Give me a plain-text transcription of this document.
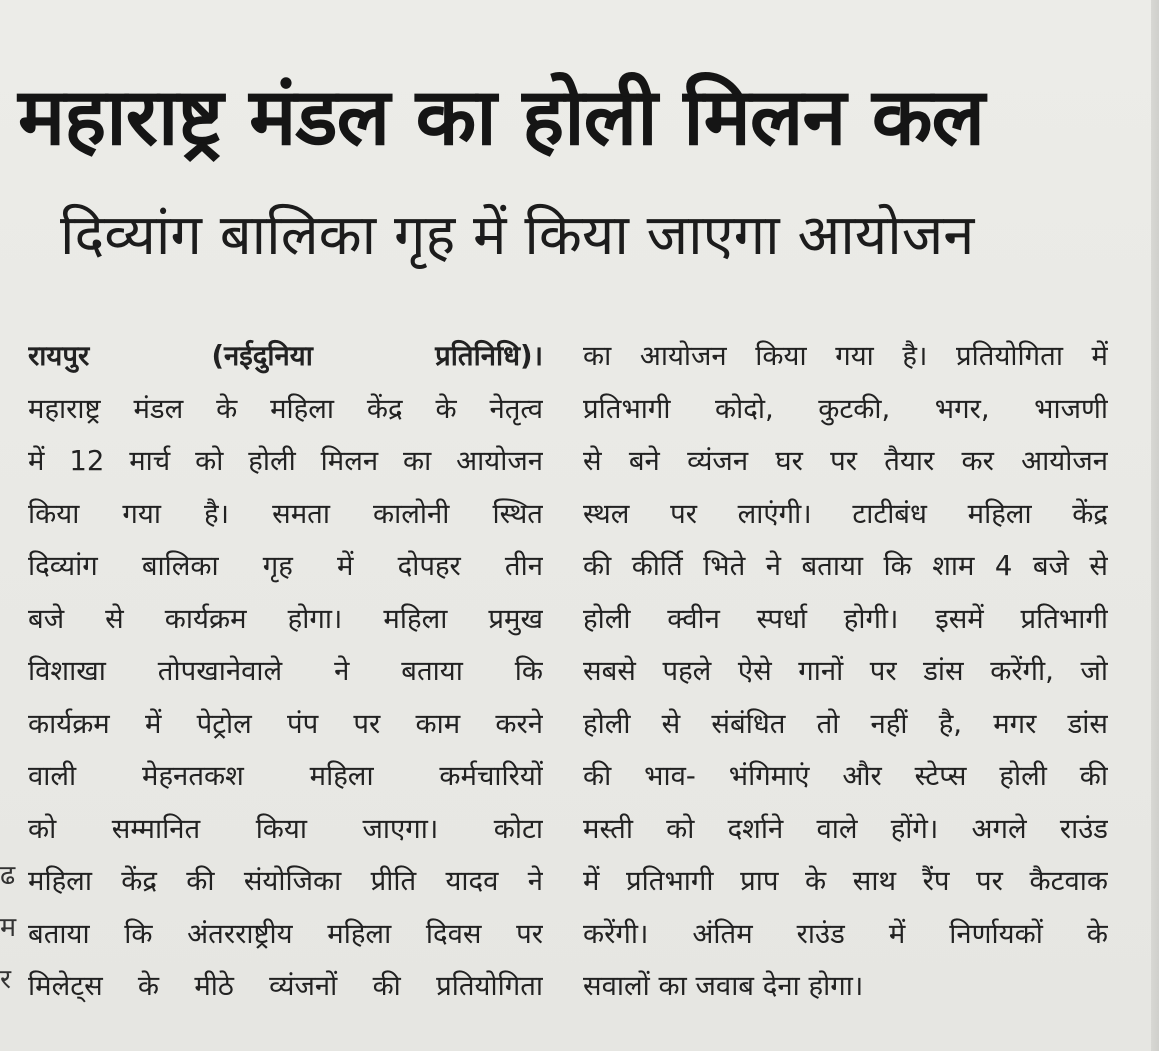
महाराष्ट्र मंडल का होली मिलन कल
दिव्यांग बालिका गृह में किया जाएगा आयोजन
रायपुर (नईदुनिया प्रतिनिधि)।
महाराष्ट्र मंडल के महिला केंद्र के नेतृत्व
में 12 मार्च को होली मिलन का आयोजन
किया गया है। समता कालोनी स्थित
दिव्यांग बालिका गृह में दोपहर तीन
बजे से कार्यक्रम होगा। महिला प्रमुख
विशाखा तोपखानेवाले ने बताया कि
कार्यक्रम में पेट्रोल पंप पर काम करने
वाली मेहनतकश महिला कर्मचारियों
को सम्मानित किया जाएगा। कोटा
महिला केंद्र की संयोजिका प्रीति यादव ने
बताया कि अंतरराष्ट्रीय महिला दिवस पर
मिलेट्स के मीठे व्यंजनों की प्रतियोगिता
का आयोजन किया गया है। प्रतियोगिता में
प्रतिभागी कोदो, कुटकी, भगर, भाजणी
से बने व्यंजन घर पर तैयार कर आयोजन
स्थल पर लाएंगी। टाटीबंध महिला केंद्र
की कीर्ति भिते ने बताया कि शाम 4 बजे से
होली क्वीन स्पर्धा होगी। इसमें प्रतिभागी
सबसे पहले ऐसे गानों पर डांस करेंगी, जो
होली से संबंधित तो नहीं है, मगर डांस
की भाव- भंगिमाएं और स्टेप्स होली की
मस्ती को दर्शाने वाले होंगे। अगले राउंड
में प्रतिभागी प्राप के साथ रैंप पर कैटवाक
करेंगी। अंतिम राउंड में निर्णायकों के
सवालों का जवाब देना होगा।
ढ
म
र
